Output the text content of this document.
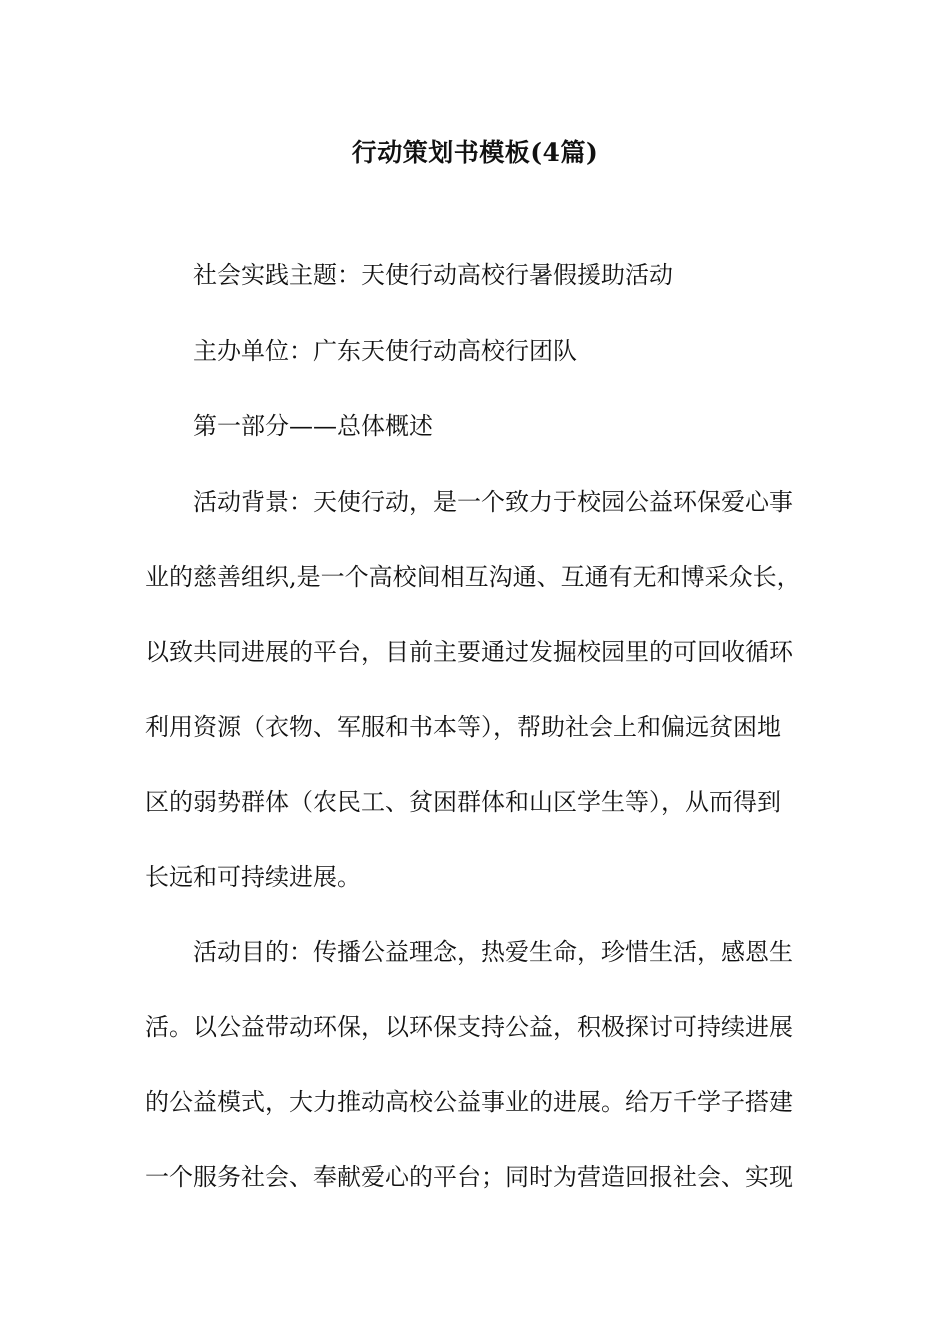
行动策划书模板(4篇)
社会实践主题：天使行动高校行暑假援助活动
主办单位：广东天使行动高校行团队
第一部分——总体概述
活动背景：天使行动，是一个致力于校园公益环保爱心事
业的慈善组织,是一个高校间相互沟通、互通有无和博采众长，
以致共同进展的平台，目前主要通过发掘校园里的可回收循环
利用资源（衣物、军服和书本等），帮助社会上和偏远贫困地
区的弱势群体（农民工、贫困群体和山区学生等），从而得到
长远和可持续进展。
活动目的：传播公益理念，热爱生命，珍惜生活，感恩生
活。以公益带动环保，以环保支持公益，积极探讨可持续进展
的公益模式，大力推动高校公益事业的进展。给万千学子搭建
一个服务社会、奉献爱心的平台；同时为营造回报社会、实现
